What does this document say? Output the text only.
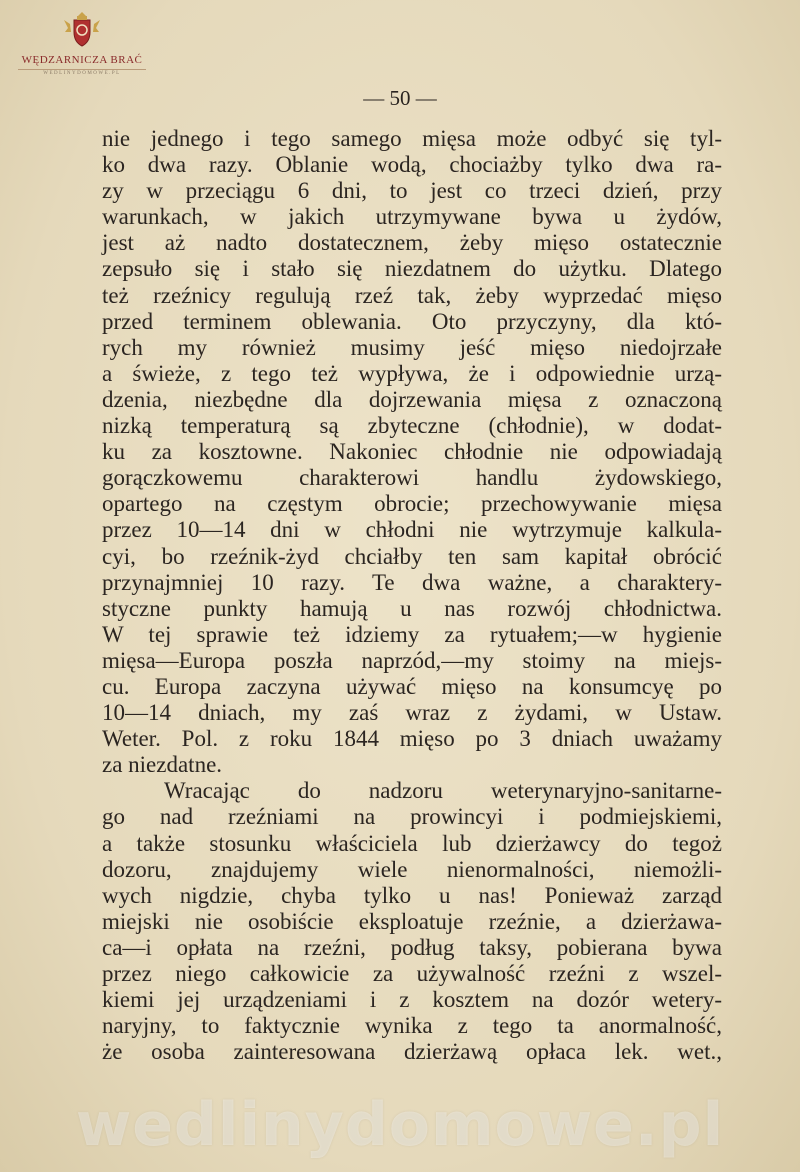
WĘDZARNICZA BRAĆ
WEDLINYDOMOWE.PL
— 50 —
nie jednego i tego samego mięsa może odbyć się tyl-
ko dwa razy. Oblanie wodą, chociażby tylko dwa ra-
zy w przeciągu 6 dni, to jest co trzeci dzień, przy
warunkach, w jakich utrzymywane bywa u żydów,
jest aż nadto dostatecznem, żeby mięso ostatecznie
zepsuło się i stało się niezdatnem do użytku. Dlatego
też rzeźnicy regulują rzeź tak, żeby wyprzedać mięso
przed terminem oblewania. Oto przyczyny, dla któ-
rych my również musimy jeść mięso niedojrzałe
a świeże, z tego też wypływa, że i odpowiednie urzą-
dzenia, niezbędne dla dojrzewania mięsa z oznaczoną
nizką temperaturą są zbyteczne (chłodnie), w dodat-
ku za kosztowne. Nakoniec chłodnie nie odpowiadają
gorączkowemu charakterowi handlu żydowskiego,
opartego na częstym obrocie; przechowywanie mięsa
przez 10—14 dni w chłodni nie wytrzymuje kalkula-
cyi, bo rzeźnik-żyd chciałby ten sam kapitał obrócić
przynajmniej 10 razy. Te dwa ważne, a charaktery-
styczne punkty hamują u nas rozwój chłodnictwa.
W tej sprawie też idziemy za rytuałem;—w hygienie
mięsa—Europa poszła naprzód,—my stoimy na miejs-
cu. Europa zaczyna używać mięso na konsumcyę po
10—14 dniach, my zaś wraz z żydami, w Ustaw.
Weter. Pol. z roku 1844 mięso po 3 dniach uważamy
za niezdatne.
Wracając do nadzoru weterynaryjno-sanitarne-
go nad rzeźniami na prowincyi i podmiejskiemi,
a także stosunku właściciela lub dzierżawcy do tegoż
dozoru, znajdujemy wiele nienormalności, niemożli-
wych nigdzie, chyba tylko u nas! Ponieważ zarząd
miejski nie osobiście eksploatuje rzeźnie, a dzierżawa-
ca—i opłata na rzeźni, podług taksy, pobierana bywa
przez niego całkowicie za używalność rzeźni z wszel-
kiemi jej urządzeniami i z kosztem na dozór wetery-
naryjny, to faktycznie wynika z tego ta anormalność,
że osoba zainteresowana dzierżawą opłaca lek. wet.,
wedlinydomowe.pl
